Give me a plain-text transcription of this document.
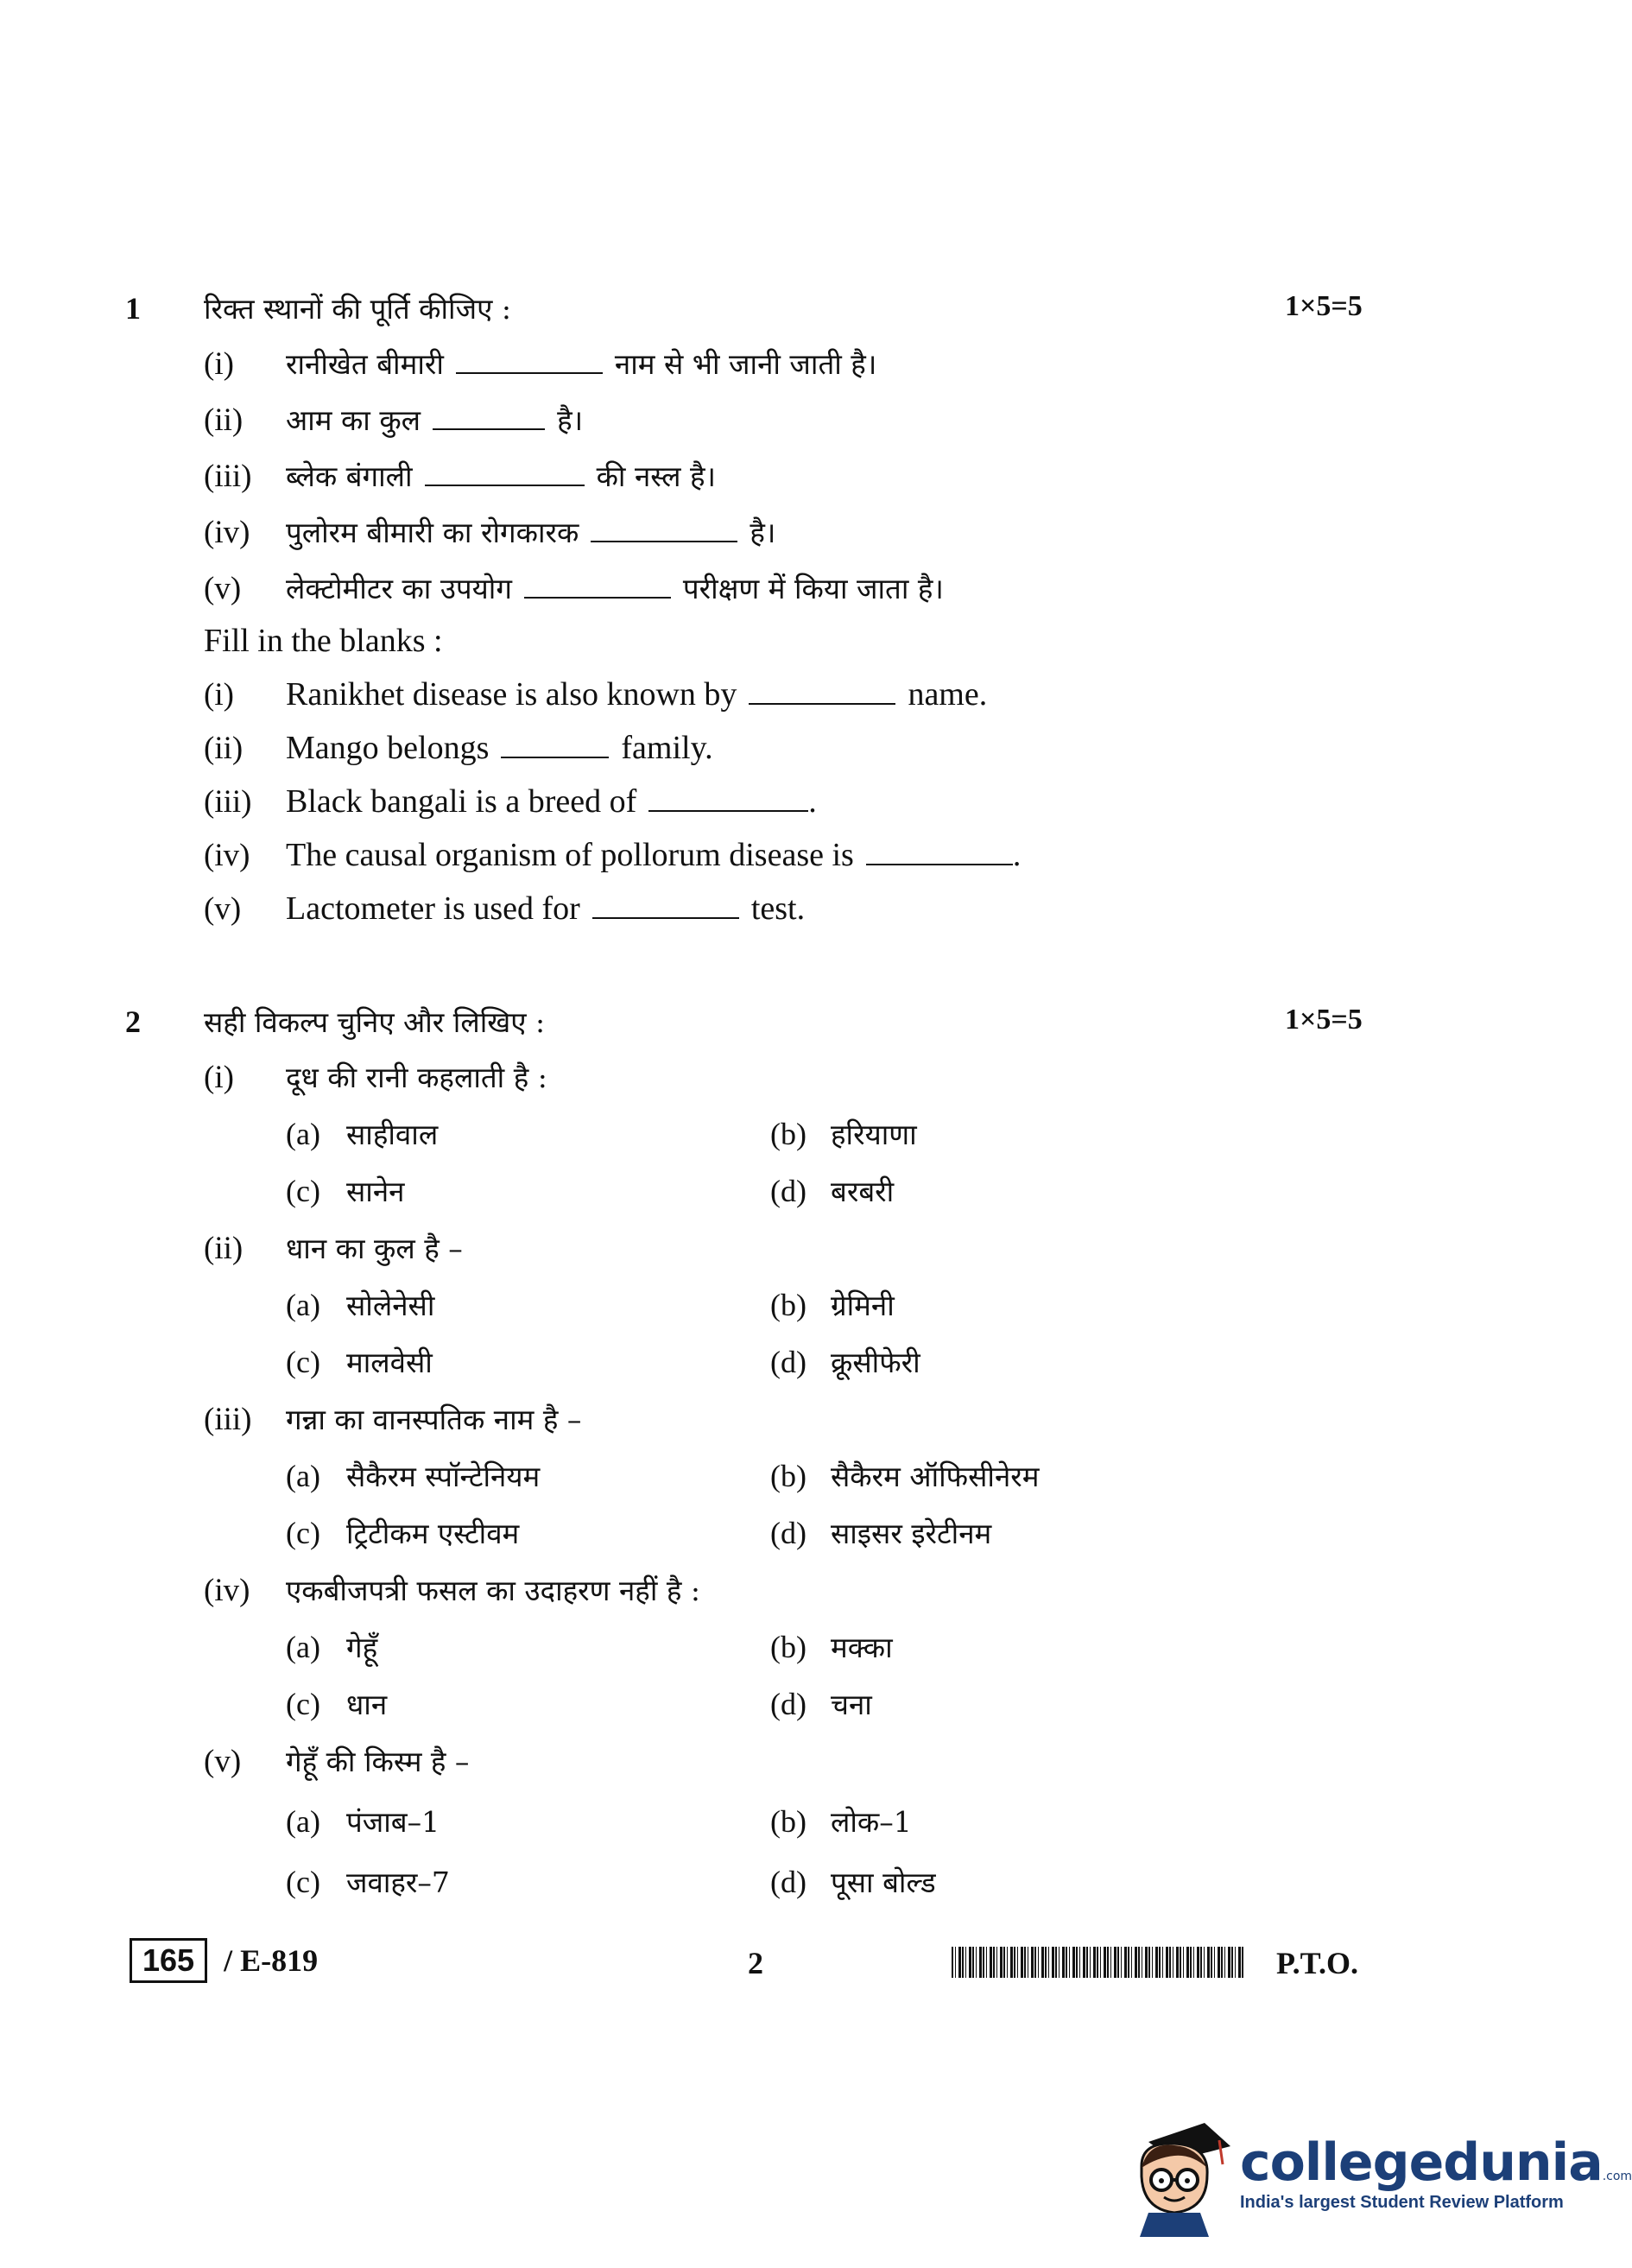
1 रिक्त स्थानों की पूर्ति कीजिए :	1×5=5
(i) रानीखेत बीमारी	नाम से भी जानी जाती है।
(ii) आम का कुल	है।
(iii) ब्लेक बंगाली	की नस्ल है।
(iv) पुलोरम बीमारी का रोगकारक	है।
(v) लेक्टोमीटर का उपयोग	परीक्षण में किया जाता है।
Fill in the blanks :
(i) Ranikhet disease is also known by	name.
(ii) Mango belongs	family.
(iii) Black bangali is a breed of	.
(iv) The causal organism of pollorum disease is	.
(v) Lactometer is used for	test.
2 सही विकल्प चुनिए और लिखिए :	1×5=5
(i) दूध की रानी कहलाती है :
(a) साहीवाल	(b) हरियाणा
(c) सानेन	(d) बरबरी
(ii) धान का कुल है –
(a) सोलेनेसी	(b) ग्रेमिनी
(c) मालवेसी	(d) क्रूसीफेरी
(iii) गन्ना का वानस्पतिक नाम है –
(a) सैकैरम स्पॉन्टेनियम	(b) सैकैरम ऑफिसीनेरम
(c) ट्रिटीकम एस्टीवम	(d) साइसर इरेटीनम
(iv) एकबीजपत्री फसल का उदाहरण नहीं है :
(a) गेहूँ	(b) मक्का
(c) धान	(d) चना
(v) गेहूँ की किस्म है –
(a) पंजाब–1	(b) लोक–1
(c) जवाहर–7	(d) पूसा बोल्ड
165 / E-819	2	P.T.O.
collegedunia.com
India's largest Student Review Platform
